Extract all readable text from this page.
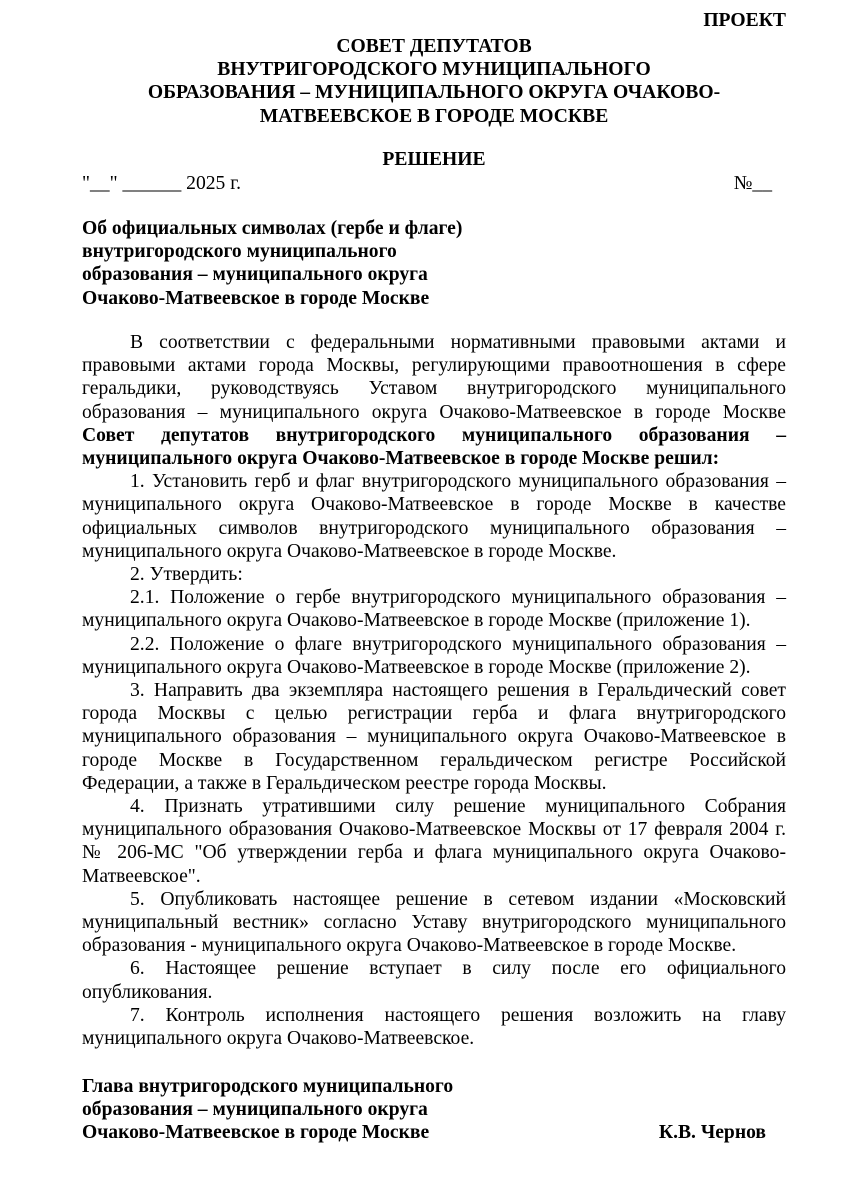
ПРОЕКТ
СОВЕТ ДЕПУТАТОВ
ВНУТРИГОРОДСКОГО МУНИЦИПАЛЬНОГО
ОБРАЗОВАНИЯ – МУНИЦИПАЛЬНОГО ОКРУГА ОЧАКОВО-
МАТВЕЕВСКОЕ В ГОРОДЕ МОСКВЕ
РЕШЕНИЕ
"__" ______ 2025 г.	№__
Об официальных символах (гербе и флаге)
внутригородского муниципального
образования – муниципального округа
Очаково-Матвеевское в городе Москве

В соответствии с федеральными нормативными правовыми актами и правовыми актами города Москвы, регулирующими правоотношения в сфере геральдики, руководствуясь Уставом внутригородского муниципального образования – муниципального округа Очаково-Матвеевское в городе Москве Совет депутатов внутригородского муниципального образования – муниципального округа Очаково-Матвеевское в городе Москве решил:

1. Установить герб и флаг внутригородского муниципального образования – муниципального округа Очаково-Матвеевское в городе Москве в качестве официальных символов внутригородского муниципального образования – муниципального округа Очаково-Матвеевское в городе Москве.

2. Утвердить:

2.1. Положение о гербе внутригородского муниципального образования – муниципального округа Очаково-Матвеевское в городе Москве (приложение 1).

2.2. Положение о флаге внутригородского муниципального образования – муниципального округа Очаково-Матвеевское в городе Москве (приложение 2).

3. Направить два экземпляра настоящего решения в Геральдический совет города Москвы с целью регистрации герба и флага внутригородского муниципального образования – муниципального округа Очаково-Матвеевское в городе Москве в Государственном геральдическом регистре Российской Федерации, а также в Геральдическом реестре города Москвы.

4. Признать утратившими силу решение муниципального Собрания муниципального образования Очаково-Матвеевское Москвы от 17 февраля 2004 г. № 206-МС "Об утверждении герба и флага муниципального округа Очаково-Матвеевское".

5. Опубликовать настоящее решение в сетевом издании «Московский муниципальный вестник» согласно Уставу внутригородского муниципального образования - муниципального округа Очаково-Матвеевское в городе Москве.

6. Настоящее решение вступает в силу после его официального опубликования.

7. Контроль исполнения настоящего решения возложить на главу муниципального округа Очаково-Матвеевское.

Глава внутригородского муниципального
образования – муниципального округа
Очаково-Матвеевское в городе Москве	К.В. Чернов
